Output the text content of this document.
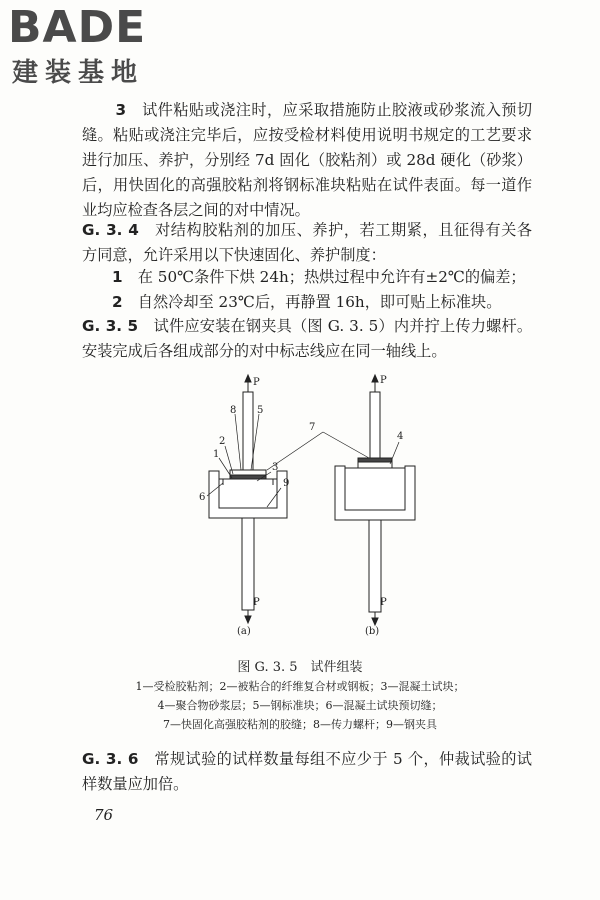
BADE
建装基地

3　 试件粘贴或浇注时，应采取措施防止胶液或砂浆流入预切缝。粘贴或浇注完毕后，应按受检材料使用说明书规定的工艺要求进行加压、养护，分别经 7d 固化（胶粘剂）或 28d 硬化（砂浆）后，用快固化的高强胶粘剂将钢标准块粘贴在试件表面。每一道作业均应检查各层之间的对中情况。

G. 3. 4　 对结构胶粘剂的加压、养护，若工期紧，且征得有关各方同意，允许采用以下快速固化、养护制度：

1　 在 50℃条件下烘 24h；热烘过程中允许有±2℃的偏差；

2　 自然冷却至 23℃后，再静置 16h，即可贴上标准块。

G. 3. 5　 试件应安装在钢夹具（图 G. 3. 5）内并拧上传力螺杆。安装完成后各组成部分的对中标志线应在同一轴线上。

P	P
P	P
8 5
2
1
3
6
9
7
4
(a)	(b)
图 G. 3. 5　试件组装
1—受检胶粘剂；2—被粘合的纤维复合材或钢板；3—混凝土试块；
4—聚合物砂浆层；5—钢标准块；6—混凝土试块预切缝；
7—快固化高强胶粘剂的胶缝；8—传力螺杆；9—钢夹具

G. 3. 6　 常规试验的试样数量每组不应少于 5 个，仲裁试验的试样数量应加倍。

76
